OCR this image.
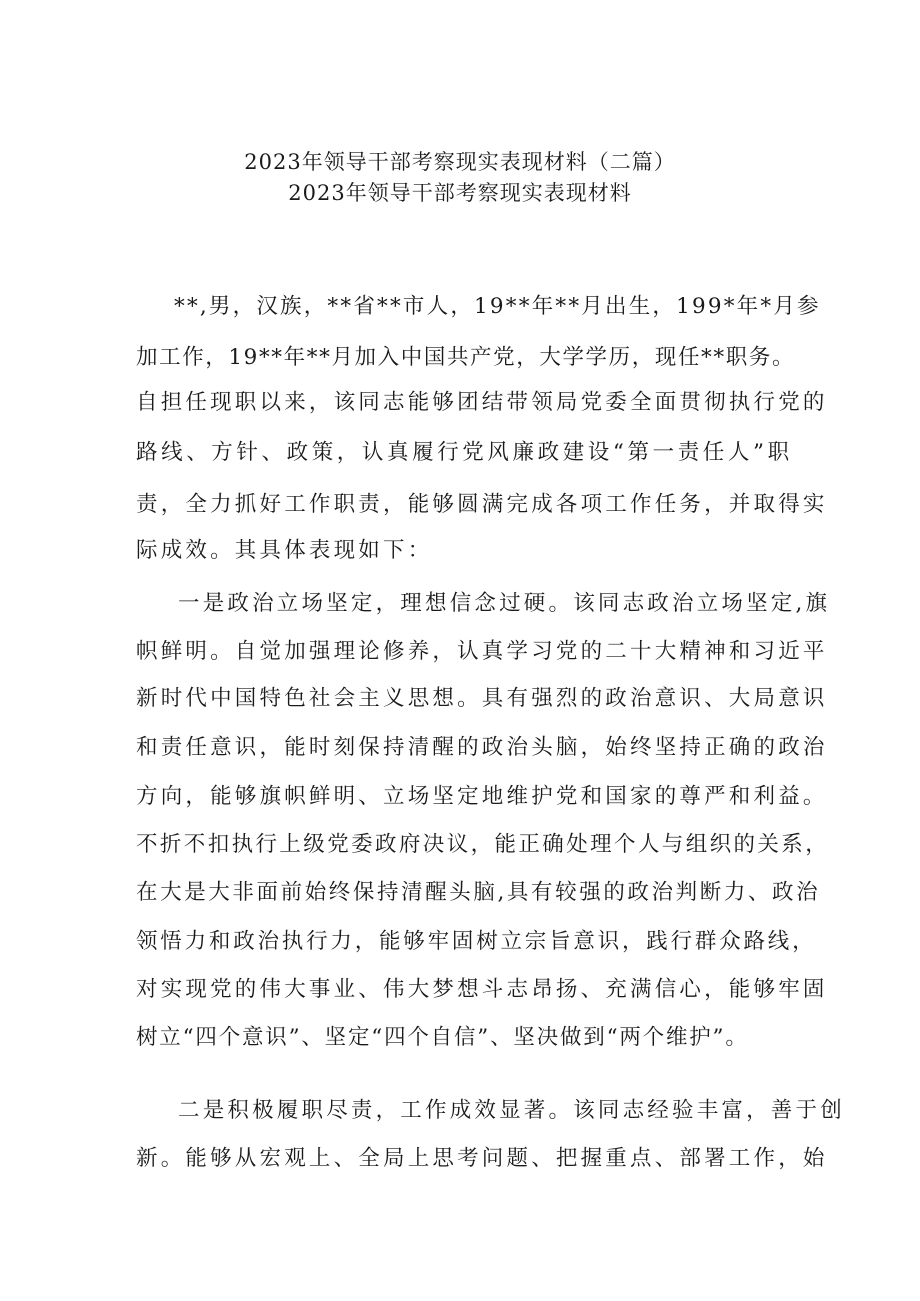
2023年领导干部考察现实表现材料（二篇）
2023年领导干部考察现实表现材料
**,男，汉族，**省**市人，19**年**月出生，199*年*月参
加工作，19**年**月加入中国共产党，大学学历，现任**职务。
自担任现职以来，该同志能够团结带领局党委全面贯彻执行党的
路线、方针、政策，认真履行党风廉政建设“第一责任人”职
责，全力抓好工作职责，能够圆满完成各项工作任务，并取得实
际成效。其具体表现如下：
一是政治立场坚定，理想信念过硬。该同志政治立场坚定,旗
帜鲜明。自觉加强理论修养，认真学习党的二十大精神和习近平
新时代中国特色社会主义思想。具有强烈的政治意识、大局意识
和责任意识，能时刻保持清醒的政治头脑，始终坚持正确的政治
方向，能够旗帜鲜明、立场坚定地维护党和国家的尊严和利益。
不折不扣执行上级党委政府决议，能正确处理个人与组织的关系，
在大是大非面前始终保持清醒头脑,具有较强的政治判断力、政治
领悟力和政治执行力，能够牢固树立宗旨意识，践行群众路线，
对实现党的伟大事业、伟大梦想斗志昂扬、充满信心，能够牢固
树立“四个意识”、坚定“四个自信”、坚决做到“两个维护”。
二是积极履职尽责，工作成效显著。该同志经验丰富，善于创
新。能够从宏观上、全局上思考问题、把握重点、部署工作，始
